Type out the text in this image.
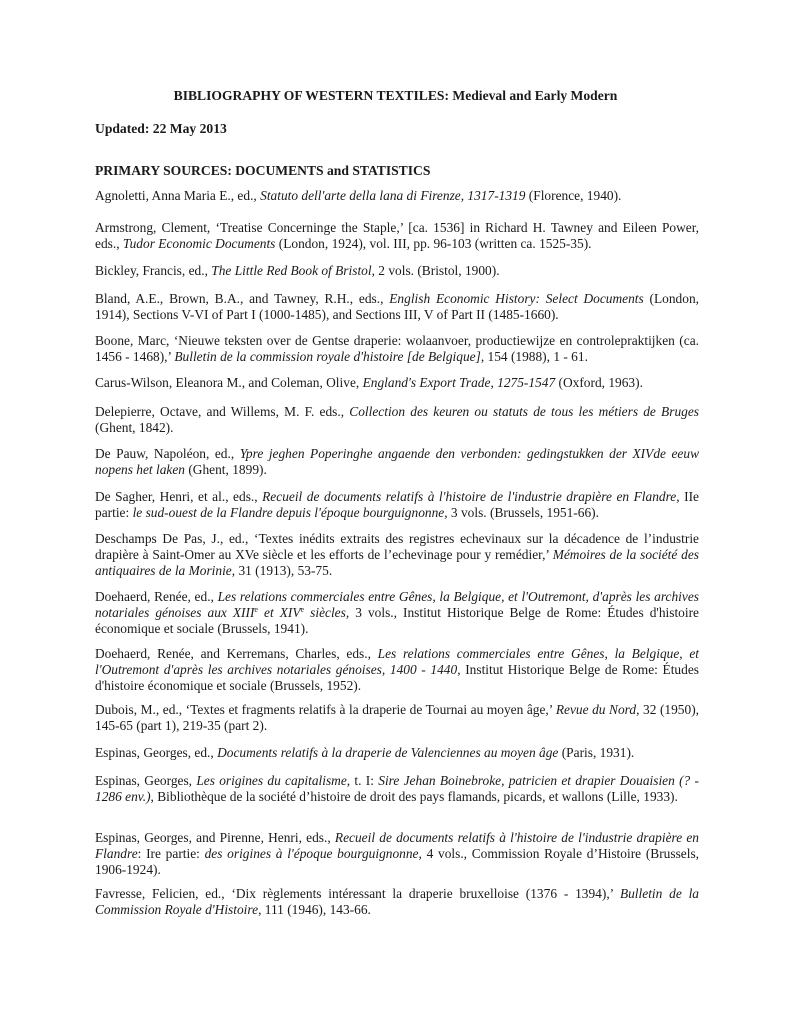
BIBLIOGRAPHY OF WESTERN TEXTILES: Medieval and Early Modern
Updated: 22 May 2013
PRIMARY SOURCES: DOCUMENTS and STATISTICS
Agnoletti, Anna Maria E., ed., Statuto dell'arte della lana di Firenze, 1317-1319 (Florence, 1940).
Armstrong, Clement, ‘Treatise Concerninge the Staple,’ [ca. 1536] in Richard H. Tawney and Eileen Power, eds., Tudor Economic Documents (London, 1924), vol. III, pp. 96-103 (written ca. 1525-35).
Bickley, Francis, ed., The Little Red Book of Bristol, 2 vols. (Bristol, 1900).
Bland, A.E., Brown, B.A., and Tawney, R.H., eds., English Economic History: Select Documents (London, 1914), Sections V-VI of Part I (1000-1485), and Sections III, V of Part II (1485-1660).
Boone, Marc, ‘Nieuwe teksten over de Gentse draperie: wolaanvoer, productiewijze en controlepraktijken (ca. 1456 - 1468),’ Bulletin de la commission royale d'histoire [de Belgique], 154 (1988), 1 - 61.
Carus-Wilson, Eleanora M., and Coleman, Olive, England's Export Trade, 1275-1547 (Oxford, 1963).
Delepierre, Octave, and Willems, M. F. eds., Collection des keuren ou statuts de tous les métiers de Bruges (Ghent, 1842).
De Pauw, Napoléon, ed., Ypre jeghen Poperinghe angaende den verbonden: gedingstukken der XIVde eeuw nopens het laken (Ghent, 1899).
De Sagher, Henri, et al., eds., Recueil de documents relatifs à l'histoire de l'industrie drapière en Flandre, IIe partie: le sud-ouest de la Flandre depuis l'époque bourguignonne, 3 vols. (Brussels, 1951-66).
Deschamps De Pas, J., ed., ‘Textes inédits extraits des registres echevinaux sur la décadence de l’industrie drapière à Saint-Omer au XVe siècle et les efforts de l’echevinage pour y remédier,’ Mémoires de la société des antiquaires de la Morinie, 31 (1913), 53-75.
Doehaerd, Renée, ed., Les relations commerciales entre Gênes, la Belgique, et l'Outremont, d'après les archives notariales génoises aux XIIIe et XIVe siècles, 3 vols., Institut Historique Belge de Rome: Études d'histoire économique et sociale (Brussels, 1941).
Doehaerd, Renée, and Kerremans, Charles, eds., Les relations commerciales entre Gênes, la Belgique, et l'Outremont d'après les archives notariales génoises, 1400 - 1440, Institut Historique Belge de Rome: Études d'histoire économique et sociale (Brussels, 1952).
Dubois, M., ed., ‘Textes et fragments relatifs à la draperie de Tournai au moyen âge,’ Revue du Nord, 32 (1950), 145-65 (part 1), 219-35 (part 2).
Espinas, Georges, ed., Documents relatifs à la draperie de Valenciennes au moyen âge (Paris, 1931).
Espinas, Georges, Les origines du capitalisme, t. I: Sire Jehan Boinebroke, patricien et drapier Douaisien (? - 1286 env.), Bibliothèque de la société d’histoire de droit des pays flamands, picards, et wallons (Lille, 1933).
Espinas, Georges, and Pirenne, Henri, eds., Recueil de documents relatifs à l'histoire de l'industrie drapière en Flandre: Ire partie: des origines à l'époque bourguignonne, 4 vols., Commission Royale d’Histoire (Brussels, 1906-1924).
Favresse, Felicien, ed., ‘Dix règlements intéressant la draperie bruxelloise (1376 - 1394),’ Bulletin de la Commission Royale d'Histoire, 111 (1946), 143-66.
